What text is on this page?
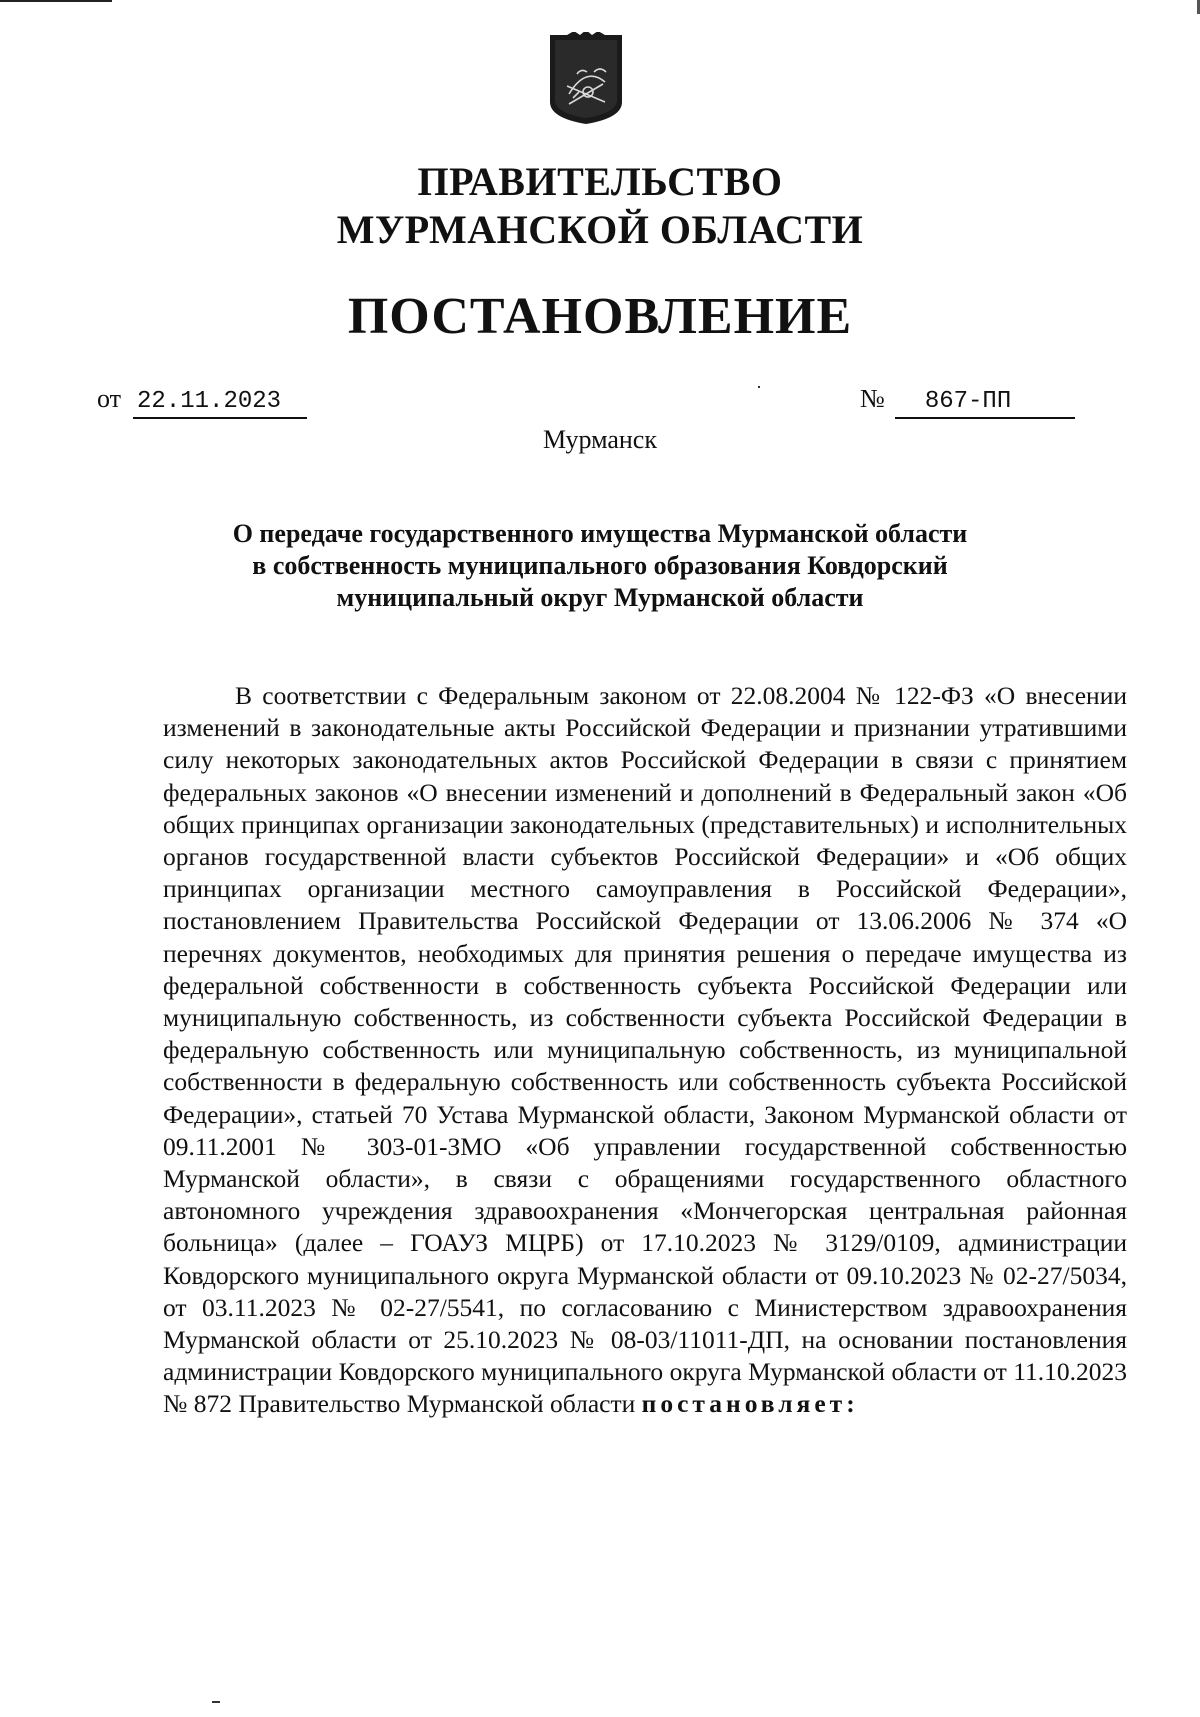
ПРАВИТЕЛЬСТВО
МУРМАНСКОЙ ОБЛАСТИ
ПОСТАНОВЛЕНИЕ
от 22.11.2023	№ 867-ПП
Мурманск
О передаче государственного имущества Мурманской области
в собственность муниципального образования Ковдорский
муниципальный округ Мурманской области

В соответствии с Федеральным законом от 22.08.2004 № 122-ФЗ «О внесении изменений в законодательные акты Российской Федерации и признании утратившими силу некоторых законодательных актов Российской Федерации в связи с принятием федеральных законов «О внесении изменений и дополнений в Федеральный закон «Об общих принципах организации законодательных (представительных) и исполнительных органов государственной власти субъектов Российской Федерации» и «Об общих принципах организации местного самоуправления в Российской Федерации», постановлением Правительства Российской Федерации от 13.06.2006 № 374 «О перечнях документов, необходимых для принятия решения о передаче имущества из федеральной собственности в собственность субъекта Российской Федерации или муниципальную собственность, из собственности субъекта Российской Федерации в федеральную собственность или муниципальную собственность, из муниципальной собственности в федеральную собственность или собственность субъекта Российской Федерации», статьей 70 Устава Мурманской области, Законом Мурманской области от 09.11.2001 № 303-01-ЗМО «Об управлении государственной собственностью Мурманской области», в связи с обращениями государственного областного автономного учреждения здравоохранения «Мончегорская центральная районная больница» (далее – ГОАУЗ МЦРБ) от 17.10.2023 № 3129/0109, администрации Ковдорского муниципального округа Мурманской области от 09.10.2023 № 02-27/5034, от 03.11.2023 № 02-27/5541, по согласованию с Министерством здравоохранения Мурманской области от 25.10.2023 № 08-03/11011-ДП, на основании постановления администрации Ковдорского муниципального округа Мурманской области от 11.10.2023 № 872 Правительство Мурманской области постановляет:
